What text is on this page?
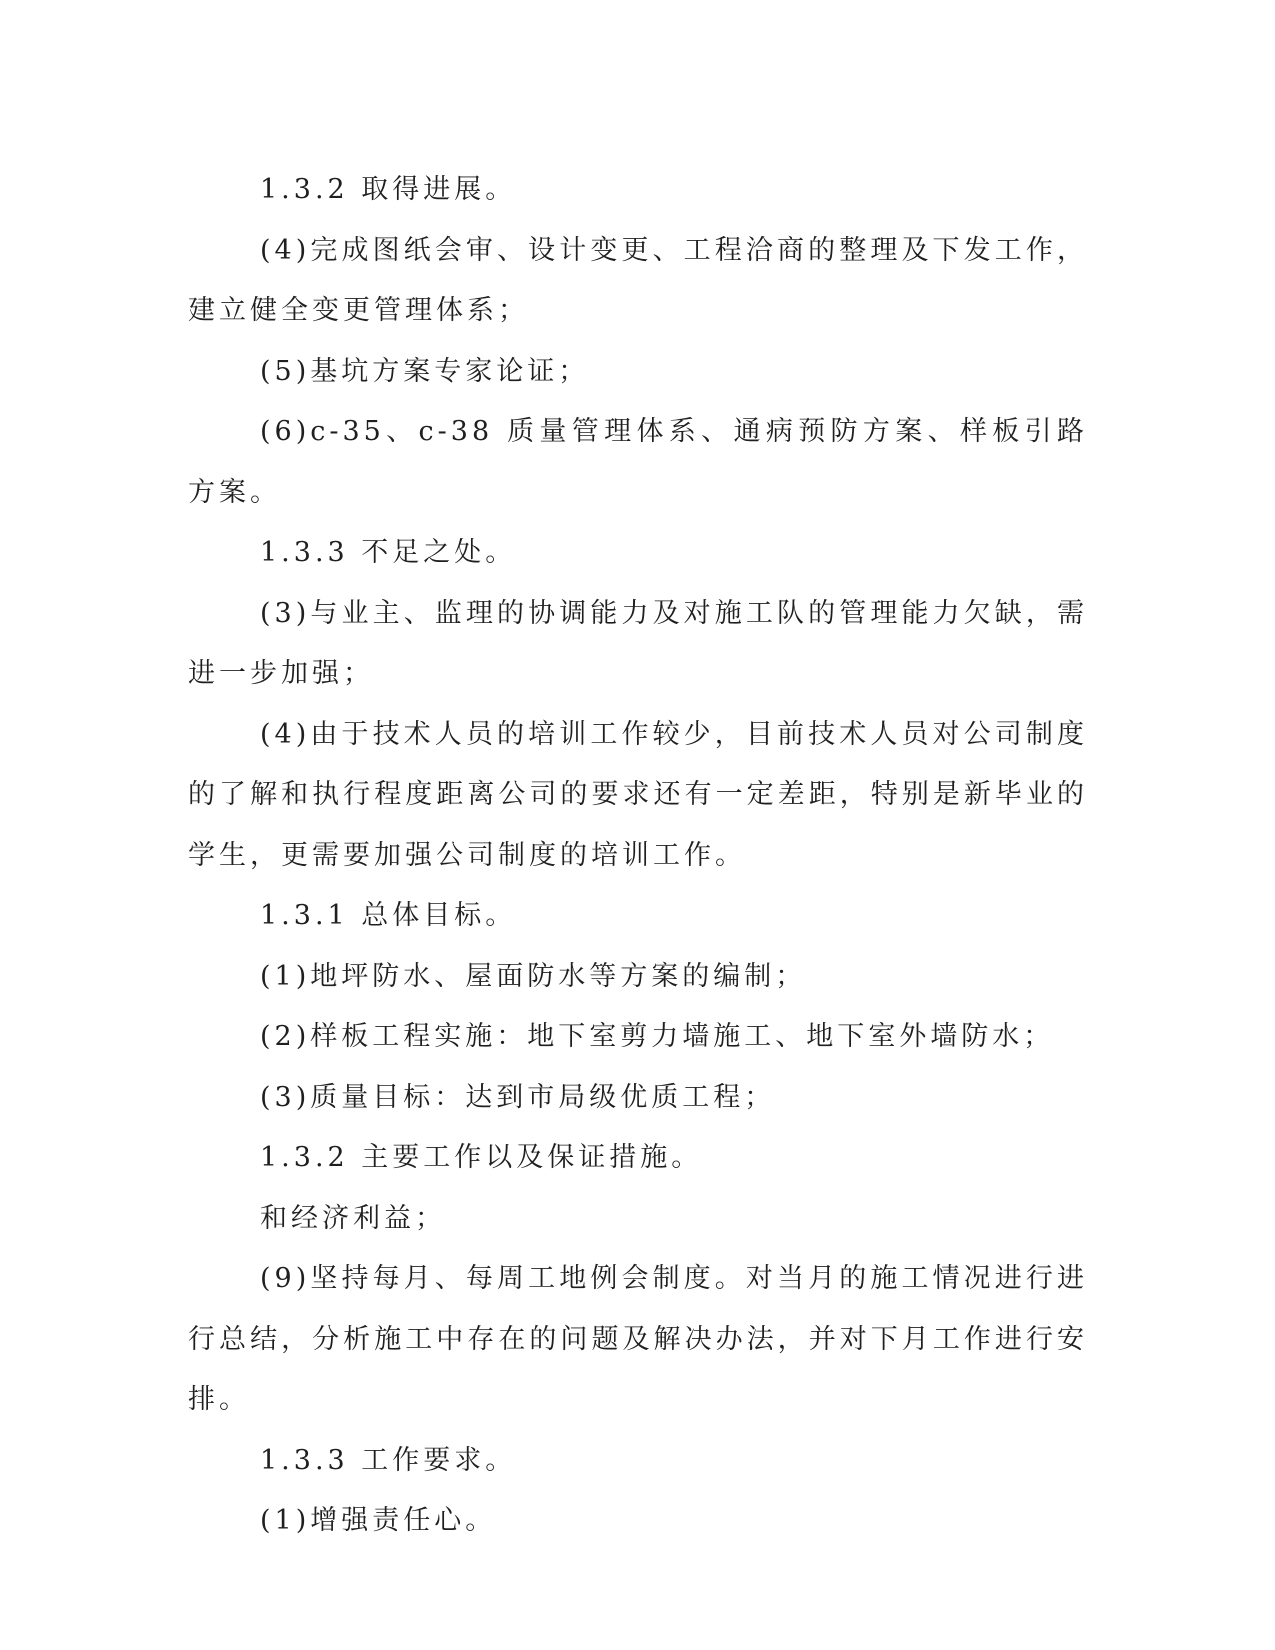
1.3.2 取得进展。

(4)完成图纸会审、设计变更、工程洽商的整理及下发工作，建立健全变更管理体系；

(5)基坑方案专家论证；

(6)c-35、c-38 质量管理体系、通病预防方案、样板引路方案。

1.3.3 不足之处。

(3)与业主、监理的协调能力及对施工队的管理能力欠缺，需进一步加强；

(4)由于技术人员的培训工作较少，目前技术人员对公司制度的了解和执行程度距离公司的要求还有一定差距，特别是新毕业的学生，更需要加强公司制度的培训工作。

1.3.1 总体目标。

(1)地坪防水、屋面防水等方案的编制；

(2)样板工程实施：地下室剪力墙施工、地下室外墙防水；

(3)质量目标：达到市局级优质工程；

1.3.2 主要工作以及保证措施。

和经济利益；

(9)坚持每月、每周工地例会制度。对当月的施工情况进行进行总结，分析施工中存在的问题及解决办法，并对下月工作进行安排。

1.3.3 工作要求。

(1)增强责任心。
